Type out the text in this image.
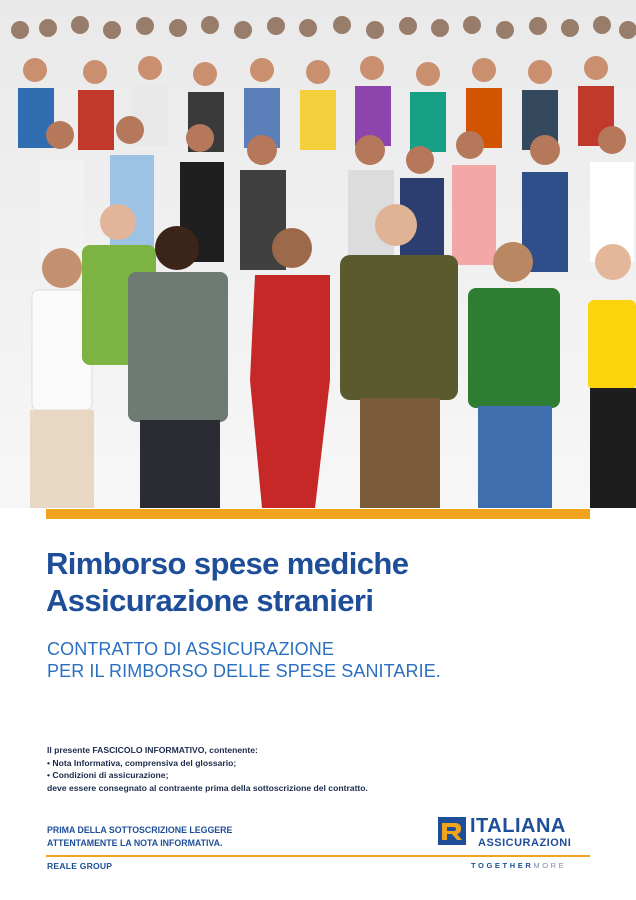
Rimborso spese mediche
Assicurazione stranieri
CONTRATTO DI ASSICURAZIONE
PER IL RIMBORSO DELLE SPESE SANITARIE.
Il presente FASCICOLO INFORMATIVO, contenente:
• Nota Informativa, comprensiva del glossario;
• Condizioni di assicurazione;
deve essere consegnato al contraente prima della sottoscrizione del contratto.
PRIMA DELLA SOTTOSCRIZIONE LEGGERE
ATTENTAMENTE LA NOTA INFORMATIVA.
ITALIANA
ASSICURAZIONI
REALE GROUP	TOGETHERMORE
